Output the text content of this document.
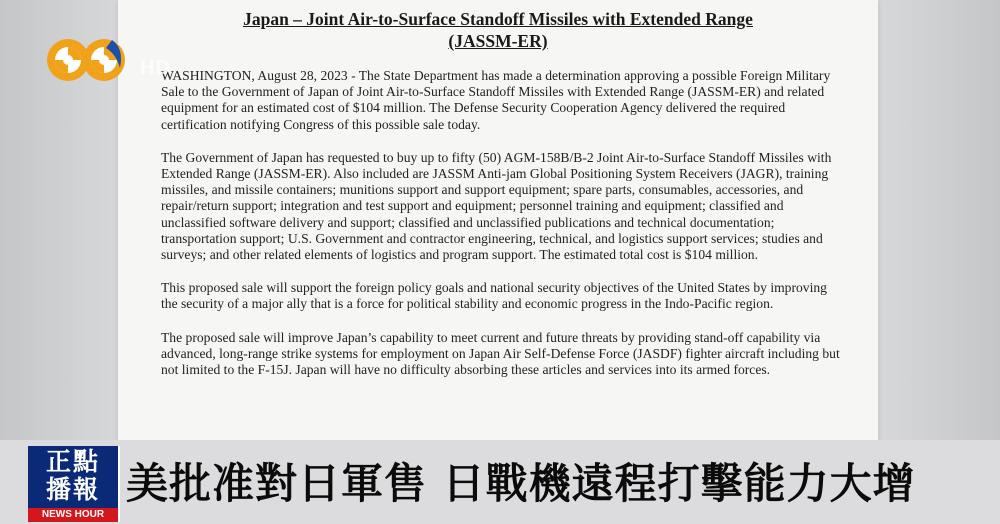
Japan – Joint Air-to-Surface Standoff Missiles with Extended Range
(JASSM-ER)

WASHINGTON, August 28, 2023 - The State Department has made a determination approving a possible Foreign Military Sale to the Government of Japan of Joint Air-to-Surface Standoff Missiles with Extended Range (JASSM-ER) and related equipment for an estimated cost of $104 million. The Defense Security Cooperation Agency delivered the required certification notifying Congress of this possible sale today.

The Government of Japan has requested to buy up to fifty (50) AGM-158B/B-2 Joint Air-to-Surface Standoff Missiles with Extended Range (JASSM-ER). Also included are JASSM Anti-jam Global Positioning System Receivers (JAGR), training missiles, and missile containers; munitions support and support equipment; spare parts, consumables, accessories, and repair/return support; integration and test support and equipment; personnel training and equipment; classified and unclassified software delivery and support; classified and unclassified publications and technical documentation; transportation support; U.S. Government and contractor engineering, technical, and logistics support services; studies and surveys; and other related elements of logistics and program support. The estimated total cost is $104 million.

This proposed sale will support the foreign policy goals and national security objectives of the United States by improving the security of a major ally that is a force for political stability and economic progress in the Indo-Pacific region.

The proposed sale will improve Japan’s capability to meet current and future threats by providing stand-off capability via advanced, long-range strike systems for employment on Japan Air Self-Defense Force (JASDF) fighter aircraft including but not limited to the F-15J. Japan will have no difficulty absorbing these articles and services into its armed forces.

HD
正點
播報
NEWS HOUR
美批准對日軍售 日戰機遠程打擊能力大增
